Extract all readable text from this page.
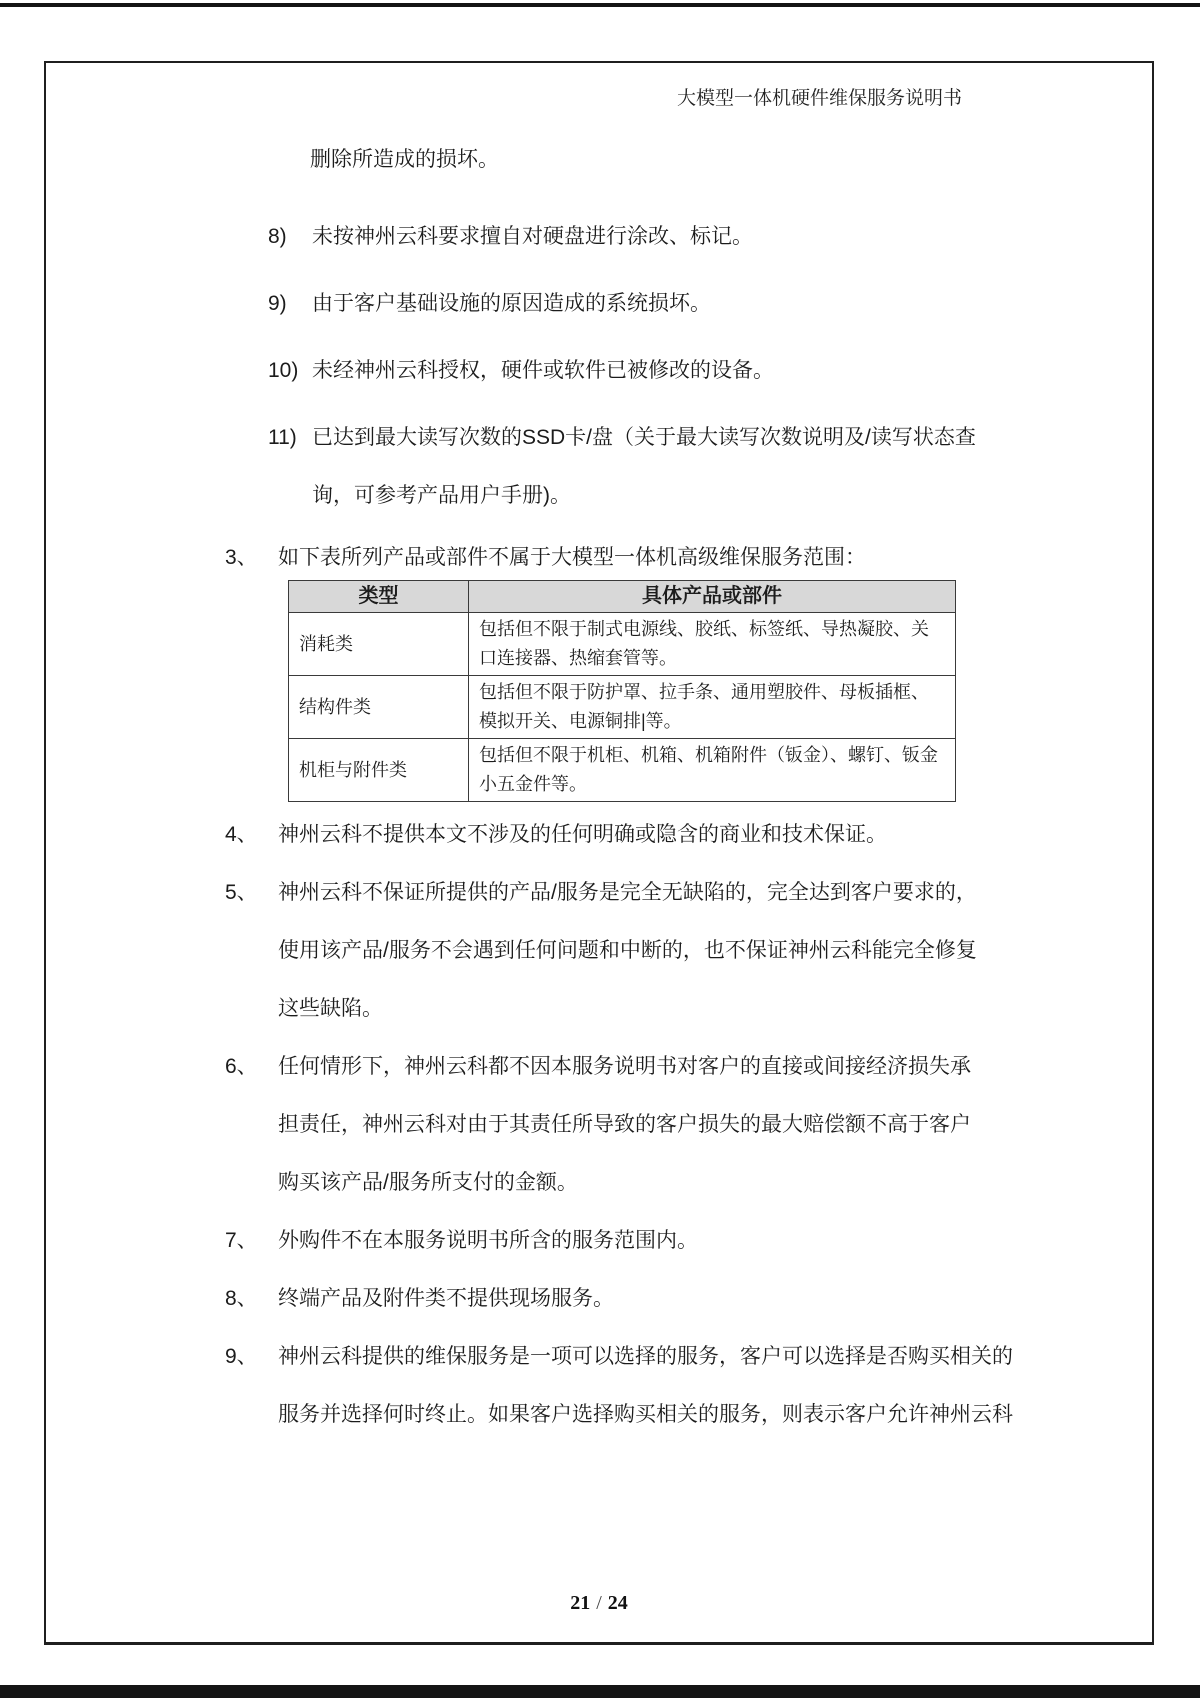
大模型一体机硬件维保服务说明书
删除所造成的损坏。
8)	未按神州云科要求擅自对硬盘进行涂改、标记。
9)	由于客户基础设施的原因造成的系统损坏。
10) 未经神州云科授权，硬件或软件已被修改的设备。
11) 已达到最大读写次数的SSD卡/盘（关于最大读写次数说明及/读写状态查
询，可参考产品用户手册)。
3、 如下表所列产品或部件不属于大模型一体机高级维保服务范围：
类型	具体产品或部件
消耗类	包括但不限于制式电源线、胶纸、标签纸、导热凝胶、关口连接器、热缩套管等。
结构件类	包括但不限于防护罩、拉手条、通用塑胶件、母板插框、模拟开关、电源铜排|等。
机柜与附件类	包括但不限于机柜、机箱、机箱附件（钣金）、螺钉、钣金小五金件等。
4、 神州云科不提供本文不涉及的任何明确或隐含的商业和技术保证。
5、 神州云科不保证所提供的产品/服务是完全无缺陷的，完全达到客户要求的，
使用该产品/服务不会遇到任何问题和中断的，也不保证神州云科能完全修复
这些缺陷。
6、 任何情形下，神州云科都不因本服务说明书对客户的直接或间接经济损失承
担责任，神州云科对由于其责任所导致的客户损失的最大赔偿额不高于客户
购买该产品/服务所支付的金额。
7、 外购件不在本服务说明书所含的服务范围内。
8、 终端产品及附件类不提供现场服务。
9、 神州云科提供的维保服务是一项可以选择的服务，客户可以选择是否购买相关的
服务并选择何时终止。如果客户选择购买相关的服务，则表示客户允许神州云科
21 / 24
